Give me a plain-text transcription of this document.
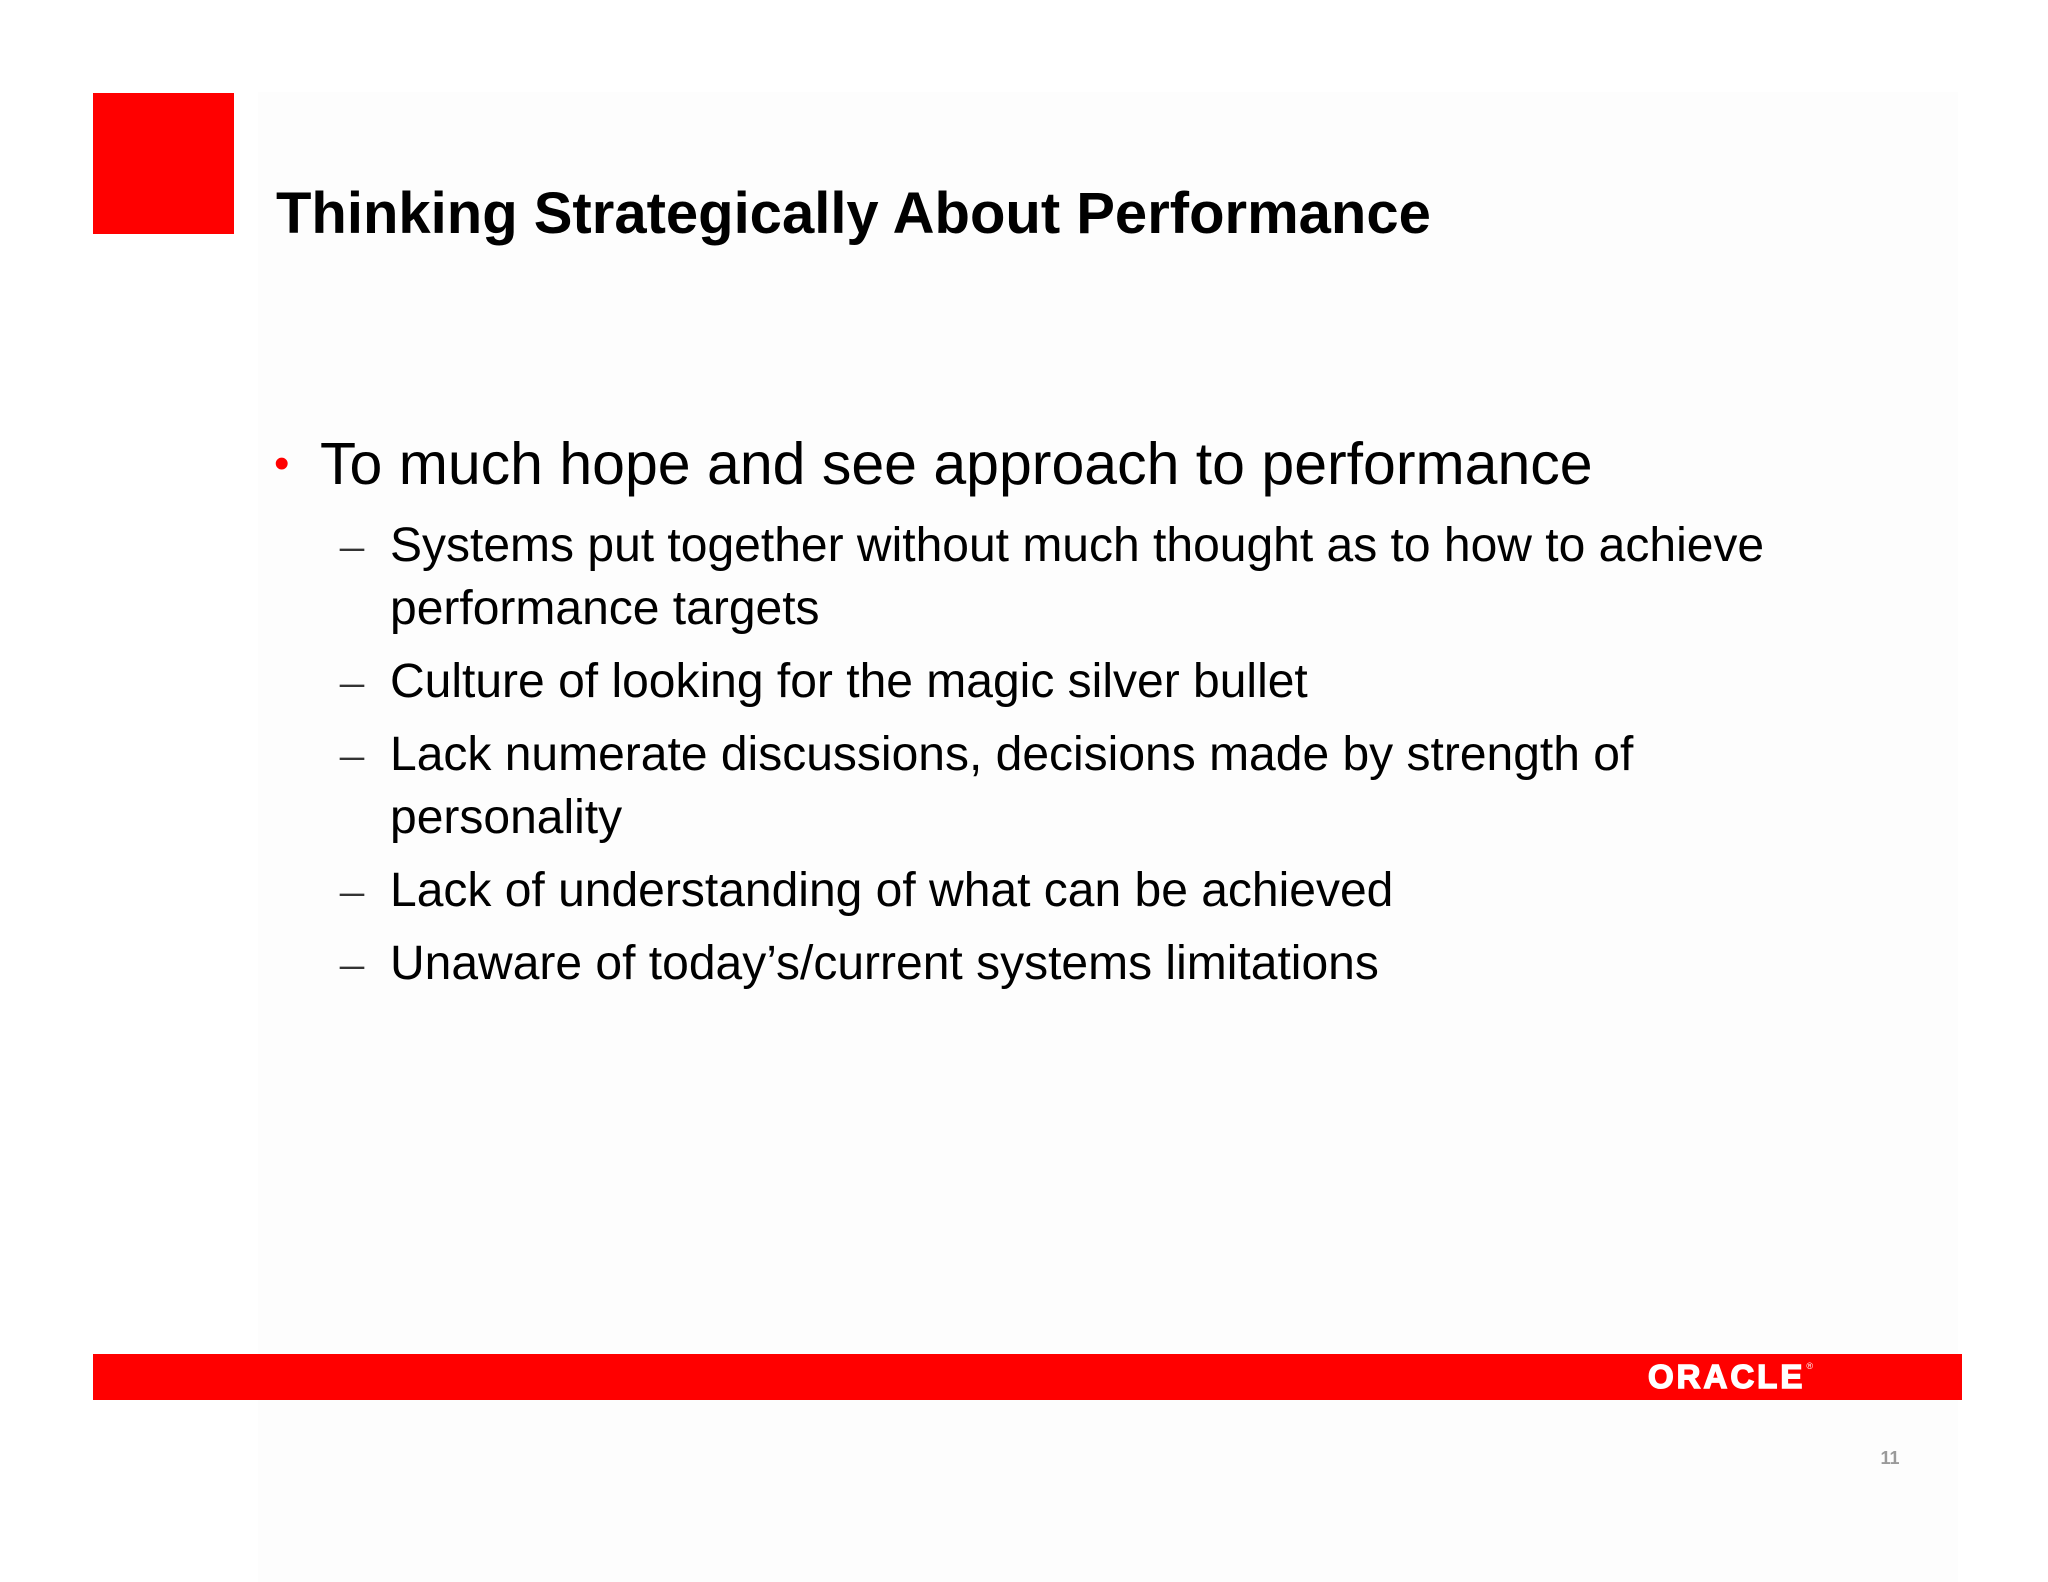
Thinking Strategically About Performance
• To much hope and see approach to performance
– Systems put together without much thought as to how to achieve performance targets
– Culture of looking for the magic silver bullet
– Lack numerate discussions, decisions made by strength of personality
– Lack of understanding of what can be achieved
– Unaware of today’s/current systems limitations
ORACLE ®
11
